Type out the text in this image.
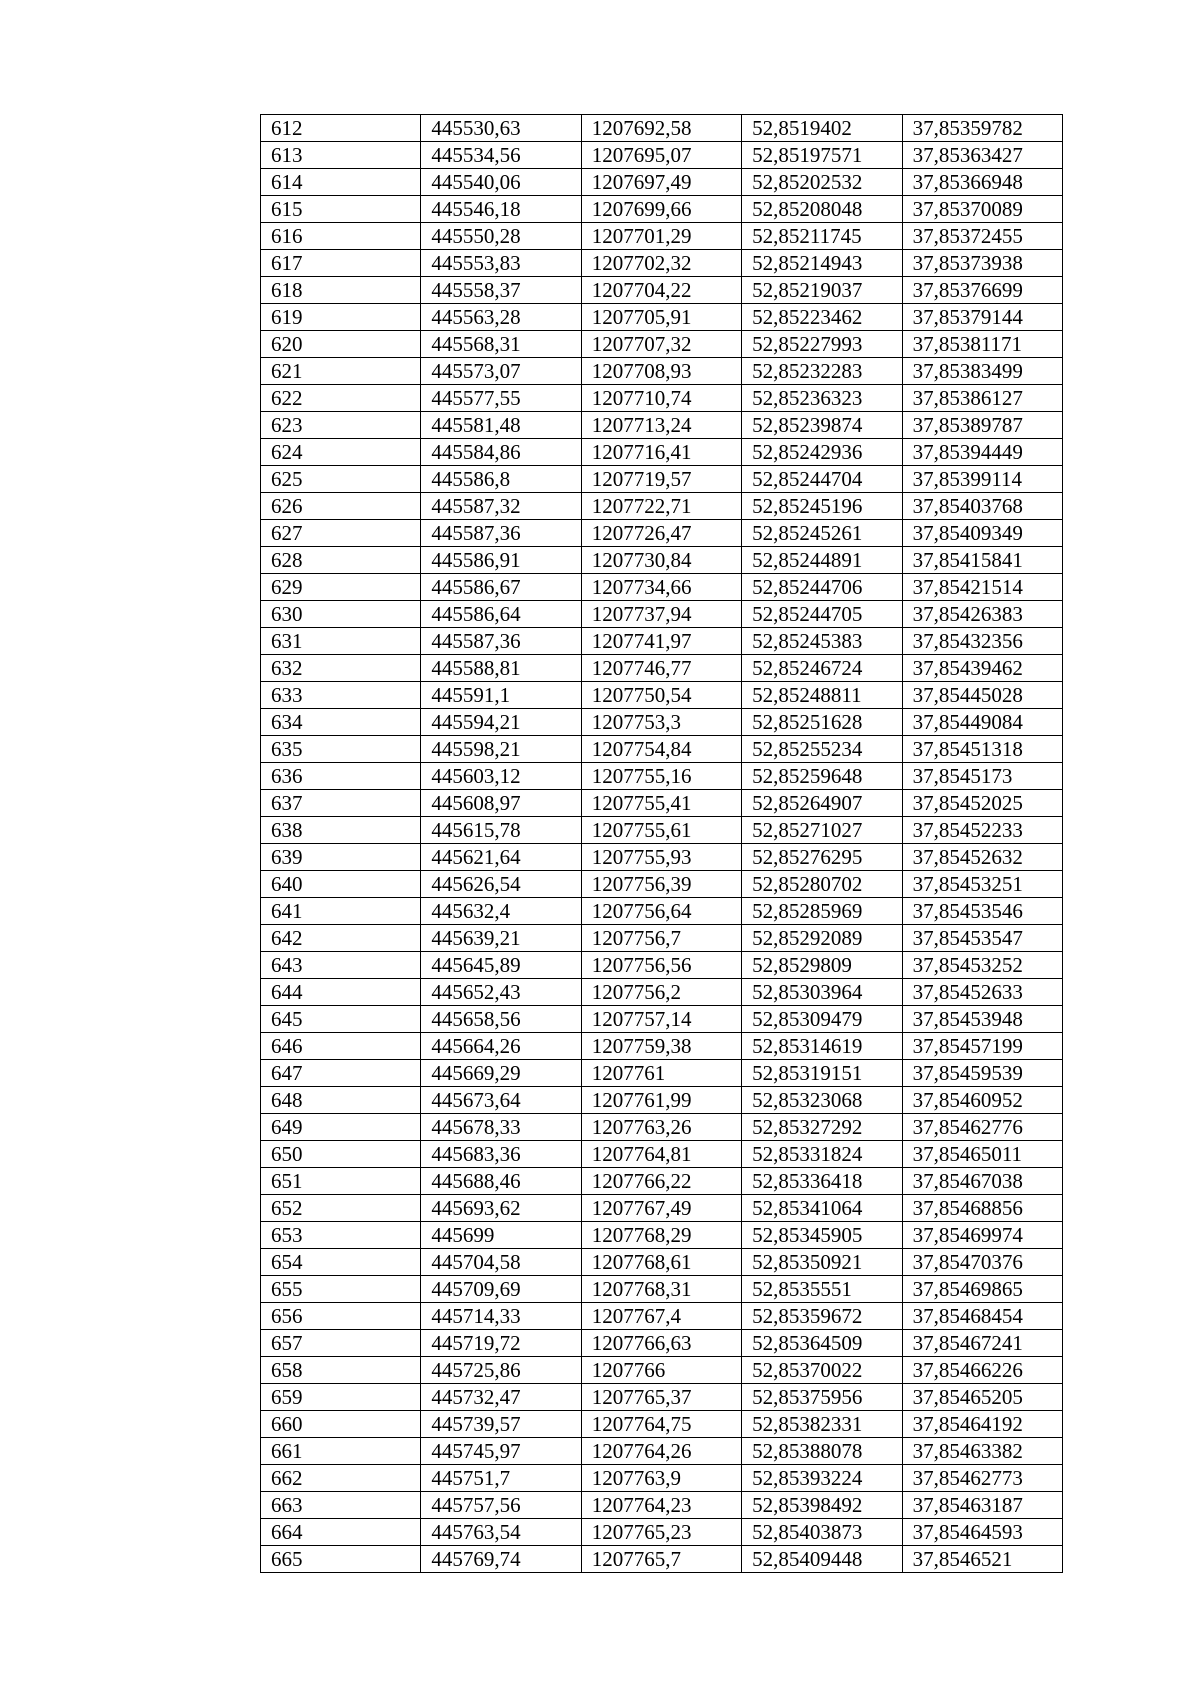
612	445530,63	1207692,58	52,8519402	37,85359782
613	445534,56	1207695,07	52,85197571	37,85363427
614	445540,06	1207697,49	52,85202532	37,85366948
615	445546,18	1207699,66	52,85208048	37,85370089
616	445550,28	1207701,29	52,85211745	37,85372455
617	445553,83	1207702,32	52,85214943	37,85373938
618	445558,37	1207704,22	52,85219037	37,85376699
619	445563,28	1207705,91	52,85223462	37,85379144
620	445568,31	1207707,32	52,85227993	37,85381171
621	445573,07	1207708,93	52,85232283	37,85383499
622	445577,55	1207710,74	52,85236323	37,85386127
623	445581,48	1207713,24	52,85239874	37,85389787
624	445584,86	1207716,41	52,85242936	37,85394449
625	445586,8	1207719,57	52,85244704	37,85399114
626	445587,32	1207722,71	52,85245196	37,85403768
627	445587,36	1207726,47	52,85245261	37,85409349
628	445586,91	1207730,84	52,85244891	37,85415841
629	445586,67	1207734,66	52,85244706	37,85421514
630	445586,64	1207737,94	52,85244705	37,85426383
631	445587,36	1207741,97	52,85245383	37,85432356
632	445588,81	1207746,77	52,85246724	37,85439462
633	445591,1	1207750,54	52,85248811	37,85445028
634	445594,21	1207753,3	52,85251628	37,85449084
635	445598,21	1207754,84	52,85255234	37,85451318
636	445603,12	1207755,16	52,85259648	37,8545173
637	445608,97	1207755,41	52,85264907	37,85452025
638	445615,78	1207755,61	52,85271027	37,85452233
639	445621,64	1207755,93	52,85276295	37,85452632
640	445626,54	1207756,39	52,85280702	37,85453251
641	445632,4	1207756,64	52,85285969	37,85453546
642	445639,21	1207756,7	52,85292089	37,85453547
643	445645,89	1207756,56	52,8529809	37,85453252
644	445652,43	1207756,2	52,85303964	37,85452633
645	445658,56	1207757,14	52,85309479	37,85453948
646	445664,26	1207759,38	52,85314619	37,85457199
647	445669,29	1207761	52,85319151	37,85459539
648	445673,64	1207761,99	52,85323068	37,85460952
649	445678,33	1207763,26	52,85327292	37,85462776
650	445683,36	1207764,81	52,85331824	37,85465011
651	445688,46	1207766,22	52,85336418	37,85467038
652	445693,62	1207767,49	52,85341064	37,85468856
653	445699	1207768,29	52,85345905	37,85469974
654	445704,58	1207768,61	52,85350921	37,85470376
655	445709,69	1207768,31	52,8535551	37,85469865
656	445714,33	1207767,4	52,85359672	37,85468454
657	445719,72	1207766,63	52,85364509	37,85467241
658	445725,86	1207766	52,85370022	37,85466226
659	445732,47	1207765,37	52,85375956	37,85465205
660	445739,57	1207764,75	52,85382331	37,85464192
661	445745,97	1207764,26	52,85388078	37,85463382
662	445751,7	1207763,9	52,85393224	37,85462773
663	445757,56	1207764,23	52,85398492	37,85463187
664	445763,54	1207765,23	52,85403873	37,85464593
665	445769,74	1207765,7	52,85409448	37,8546521
